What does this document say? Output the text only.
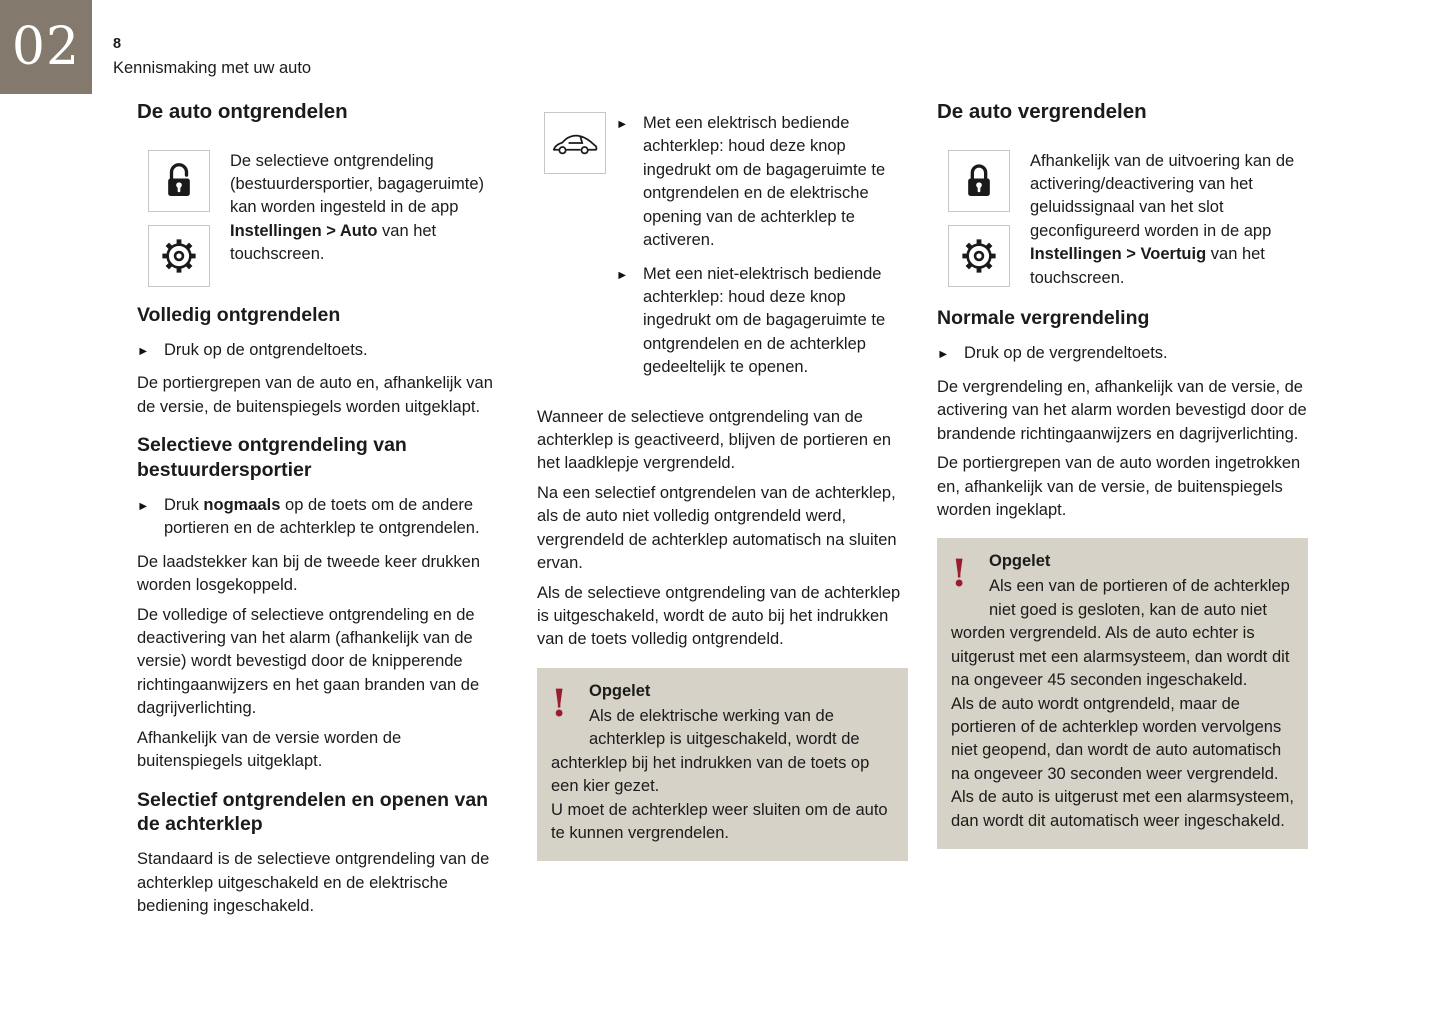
02 8
Kennismaking met uw auto
De auto ontgrendelen

De selectieve ontgrendeling (bestuurdersportier, bagageruimte) kan worden ingesteld in de app Instellingen > Auto van het touchscreen.

Volledig ontgrendelen
►

Druk op de ontgrendeltoets.

De portiergrepen van de auto en, afhankelijk van de versie, de buitenspiegels worden uitgeklapt.

Selectieve ontgrendeling van bestuurdersportier
►

Druk nogmaals op de toets om de andere portieren en de achterklep te ontgrendelen.

De laadstekker kan bij de tweede keer drukken worden losgekoppeld.

De volledige of selectieve ontgrendeling en de deactivering van het alarm (afhankelijk van de versie) wordt bevestigd door de knipperende richtingaanwijzers en het gaan branden van de dagrijverlichting.

Afhankelijk van de versie worden de buitenspiegels uitgeklapt.

Selectief ontgrendelen en openen van de achterklep

Standaard is de selectieve ontgrendeling van de achterklep uitgeschakeld en de elektrische bediening ingeschakeld.

►

Met een elektrisch bediende achterklep: houd deze knop ingedrukt om de bagageruimte te ontgrendelen en de elektrische opening van de achterklep te activeren.

►

Met een niet-elektrisch bediende achterklep: houd deze knop ingedrukt om de bagageruimte te ontgrendelen en de achterklep gedeeltelijk te openen.

Wanneer de selectieve ontgrendeling van de achterklep is geactiveerd, blijven de portieren en het laadklepje vergrendeld.

Na een selectief ontgrendelen van de achterklep, als de auto niet volledig ontgrendeld werd, vergrendeld de achterklep automatisch na sluiten ervan.

Als de selectieve ontgrendeling van de achterklep is uitgeschakeld, wordt de auto bij het indrukken van de toets volledig ontgrendeld.

!
Opgelet

Als de elektrische werking van de achterklep is uitgeschakeld, wordt de achterklep bij het indrukken van de toets op een kier gezet.

U moet de achterklep weer sluiten om de auto te kunnen vergrendelen.

De auto vergrendelen

Afhankelijk van de uitvoering kan de activering/deactivering van het geluidssignaal van het slot geconfigureerd worden in de app Instellingen > Voertuig van het touchscreen.

Normale vergrendeling
►

Druk op de vergrendeltoets.

De vergrendeling en, afhankelijk van de versie, de activering van het alarm worden bevestigd door de brandende richtingaanwijzers en dagrijverlichting.

De portiergrepen van de auto worden ingetrokken en, afhankelijk van de versie, de buitenspiegels worden ingeklapt.

!
Opgelet

Als een van de portieren of de achterklep niet goed is gesloten, kan de auto niet worden vergrendeld. Als de auto echter is uitgerust met een alarmsysteem, dan wordt dit na ongeveer 45 seconden ingeschakeld.

Als de auto wordt ontgrendeld, maar de portieren of de achterklep worden vervolgens niet geopend, dan wordt de auto automatisch na ongeveer 30 seconden weer vergrendeld. Als de auto is uitgerust met een alarmsysteem, dan wordt dit automatisch weer ingeschakeld.
